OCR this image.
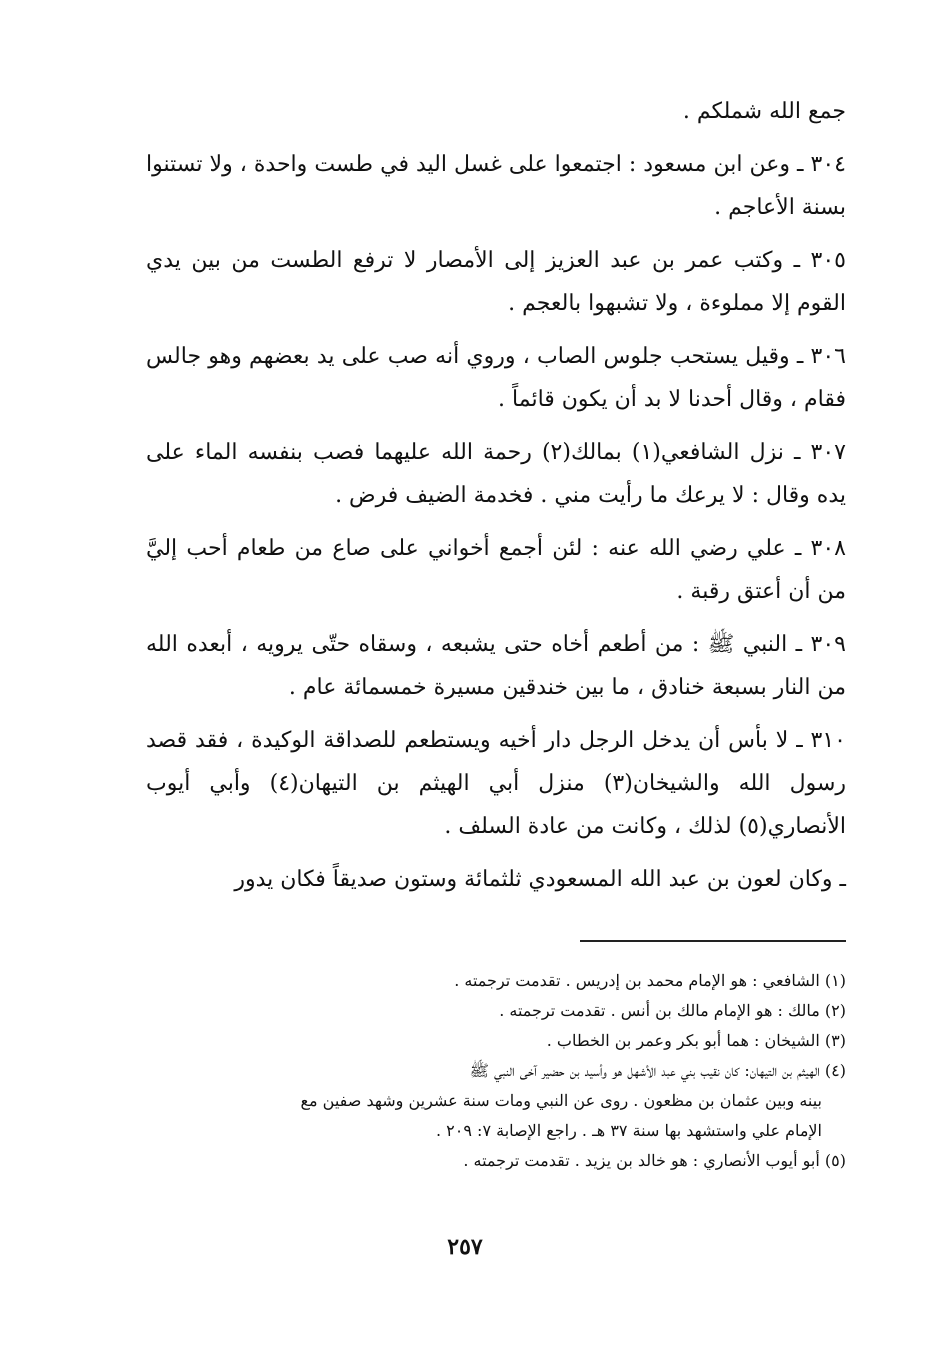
جمع الله شملكم .

٣٠٤ ـ وعن ابن مسعود : اجتمعوا على غسل اليد في طست واحدة ، ولا تستنوا بسنة الأعاجم .

٣٠٥ ـ وكتب عمر بن عبد العزيز إلى الأمصار لا ترفع الطست من بين يدي القوم إلا مملوءة ، ولا تشبهوا بالعجم .

٣٠٦ ـ وقيل يستحب جلوس الصاب ، وروي أنه صب على يد بعضهم وهو جالس فقام ، وقال أحدنا لا بد أن يكون قائماً .

٣٠٧ ـ نزل الشافعي(١) بمالك(٢) رحمة الله عليهما فصب بنفسه الماء على يده وقال : لا يرعك ما رأيت مني . فخدمة الضيف فرض .

٣٠٨ ـ علي رضي الله عنه : لئن أجمع أخواني على صاع من طعام أحب إليَّ من أن أعتق رقبة .

٣٠٩ ـ النبي ﷺ : من أطعم أخاه حتى يشبعه ، وسقاه حتّى يرويه ، أبعده الله من النار بسبعة خنادق ، ما بين خندقين مسيرة خمسمائة عام .

٣١٠ ـ لا بأس أن يدخل الرجل دار أخيه ويستطعم للصداقة الوكيدة ، فقد قصد رسول الله والشيخان(٣) منزل أبي الهيثم بن التيهان(٤) وأبي أيوب الأنصاري(٥) لذلك ، وكانت من عادة السلف .

ـ وكان لعون بن عبد الله المسعودي ثلثمائة وستون صديقاً فكان يدور

(١) الشافعي : هو الإمام محمد بن إدريس . تقدمت ترجمته .

(٢) مالك : هو الإمام مالك بن أنس . تقدمت ترجمته .

(٣) الشيخان : هما أبو بكر وعمر بن الخطاب .

(٤) الهيثم بن التيهان: كان نقيب بني عبد الأشهل هو وأسيد بن حضير آخى النبي ﷺ

بينه وبين عثمان بن مظعون . روى عن النبي ومات سنة عشرين وشهد صفين مع

الإمام علي واستشهد بها سنة ٣٧ هـ . راجع الإصابة ٧: ٢٠٩ .

(٥) أبو أيوب الأنصاري : هو خالد بن يزيد . تقدمت ترجمته .

٢٥٧
